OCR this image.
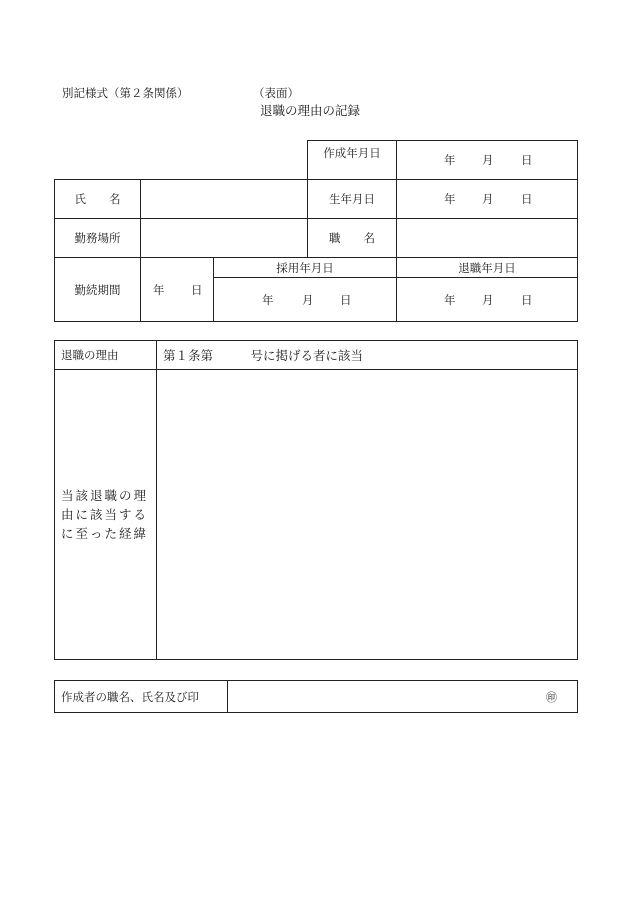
別記様式（第２条関係）	（表面）
退職の理由の記録
			作成年月日	年 月 日

氏　　名			生年月日	年 月 日

勤務場所			職　　名	
勤続期間	年 日	採用年月日		退職年月日

		年 月 日		年 月 日
退職の理由	第１条第　　　号に掲げる者に該当
当該退職の理由に該当するに至った経緯	
作成者の職名、氏名及び印	㊞
